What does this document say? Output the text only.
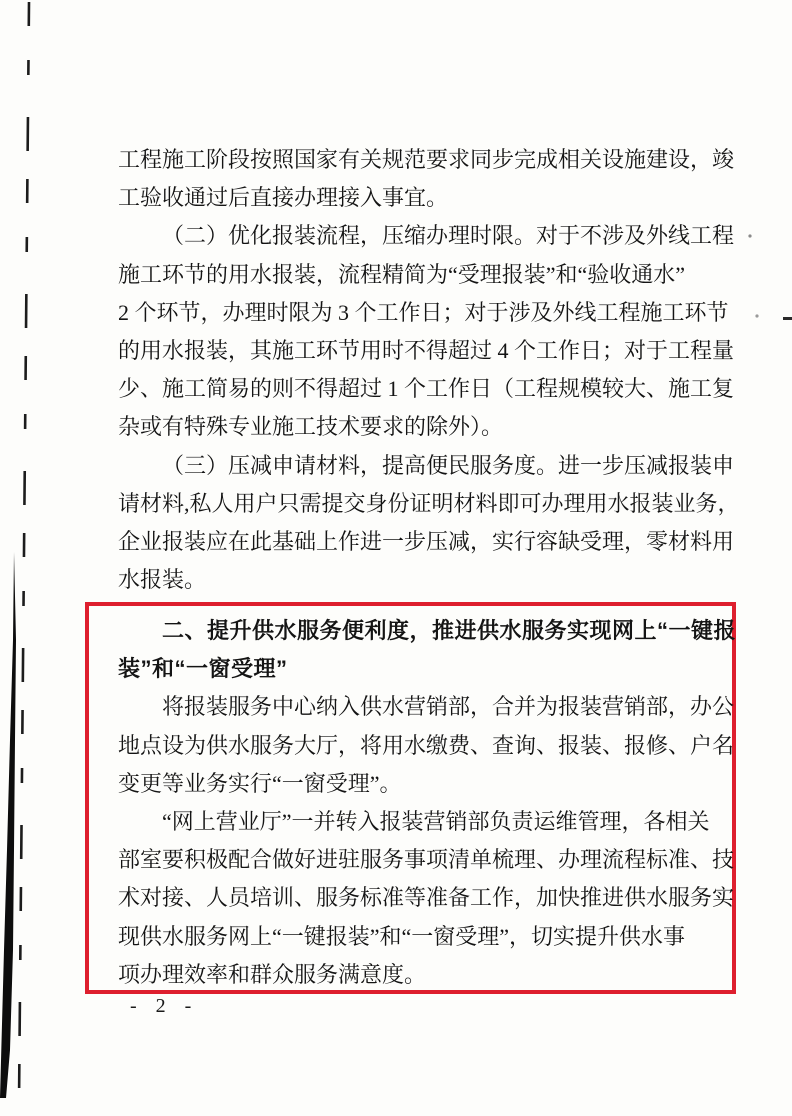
工程施工阶段按照国家有关规范要求同步完成相关设施建设，竣
工验收通过后直接办理接入事宜。
（二）优化报装流程，压缩办理时限。对于不涉及外线工程
施工环节的用水报装，流程精简为“受理报装”和“验收通水”
2 个环节，办理时限为 3 个工作日；对于涉及外线工程施工环节
的用水报装，其施工环节用时不得超过 4 个工作日；对于工程量
少、施工简易的则不得超过 1 个工作日（工程规模较大、施工复
杂或有特殊专业施工技术要求的除外）。
（三）压减申请材料，提高便民服务度。进一步压减报装申
请材料,私人用户只需提交身份证明材料即可办理用水报装业务，
企业报装应在此基础上作进一步压减，实行容缺受理，零材料用
水报装。
二、提升供水服务便利度，推进供水服务实现网上“一键报
装”和“一窗受理”
将报装服务中心纳入供水营销部，合并为报装营销部，办公
地点设为供水服务大厅，将用水缴费、查询、报装、报修、户名
变更等业务实行“一窗受理”。
“网上营业厅”一并转入报装营销部负责运维管理，各相关
部室要积极配合做好进驻服务事项清单梳理、办理流程标准、技
术对接、人员培训、服务标准等准备工作，加快推进供水服务实
现供水服务网上“一键报装”和“一窗受理”，切实提升供水事
项办理效率和群众服务满意度。
- 2 -
